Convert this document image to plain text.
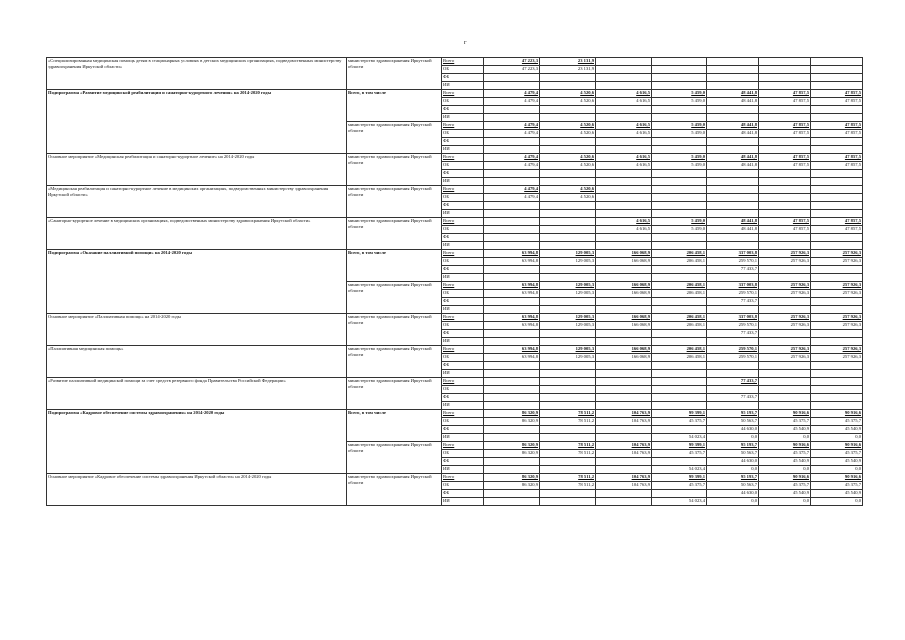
г
«Специализированная медицинская помощь детям в стационарных условиях в детских медицинских организациях, подведомственных министерству здравоохранения Иркутской области»	министерство здравоохранения Иркутской области	Всего	47 223,3	23 131,9					
		ОБ	47 223,3	23 131,9					
		ФБ							
		ИИ							
Подпрограмма «Развитие медицинской реабилитации и санаторно-курортного лечения» на 2014-2020 годы	Всего, в том числе	Всего	4 479,4	4 520,6	4 616,5	5 459,0	48 441,8	47 857,5	47 857,5
		ОБ	4 479,4	4 520,6	4 616,5	5 459,0	48 441,8	47 857,5	47 857,5
		ФБ							
		ИИ							
	министерство здравоохранения Иркутской области	Всего	4 479,4	4 520,6	4 616,5	5 459,0	48 441,8	47 857,5	47 857,5
		ОБ	4 479,4	4 520,6	4 616,5	5 459,0	48 441,8	47 857,5	47 857,5
		ФБ							
		ИИ							
Основное мероприятие «Медицинская реабилитация и санаторно-курортное лечение» на 2014-2020 годы	министерство здравоохранения Иркутской области	Всего	4 479,4	4 520,6	4 616,5	5 459,0	48 441,8	47 857,5	47 857,5
		ОБ	4 479,4	4 520,6	4 616,5	5 459,0	48 441,8	47 857,5	47 857,5
		ФБ							
		ИИ							
«Медицинская реабилитация и санаторно-курортное лечение в медицинских организациях, подведомственных министерству здравоохранения Иркутской области»	министерство здравоохранения Иркутской области	Всего	4 479,4	4 520,6					
		ОБ	4 479,4	4 520,6					
		ФБ							
		ИИ							
«Санаторно-курортное лечение в медицинских организациях, подведомственных министерству здравоохранения Иркутской области»	министерство здравоохранения Иркутской области	Всего			4 616,5	5 459,0	48 441,8	47 857,5	47 857,5
		ОБ			4 616,5	5 459,0	48 441,8	47 857,5	47 857,5
		ФБ							
		ИИ							
Подпрограмма «Оказание паллиативной помощи» на 2014-2020 годы	Всего, в том числе	Всего	63 994,8	129 005,3	166 068,9	206 458,1	337 003,8	257 926,3	257 926,3
		ОБ	63 994,8	129 005,3	166 068,9	206 458,1	259 570,1	257 926,3	257 926,3
		ФБ					77 433,7		
		ИИ							
	министерство здравоохранения Иркутской области	Всего	63 994,8	129 005,3	166 068,9	206 458,1	337 003,8	257 926,3	257 926,3
		ОБ	63 994,8	129 005,3	166 068,9	206 458,1	259 570,1	257 926,3	257 926,3
		ФБ					77 433,7		
		ИИ							
Основное мероприятие «Паллиативная помощь» на 2014-2020 годы	министерство здравоохранения Иркутской области	Всего	63 994,8	129 005,3	166 068,9	206 458,1	337 003,8	257 926,3	257 926,3
		ОБ	63 994,8	129 005,3	166 068,9	206 458,1	259 570,1	257 926,3	257 926,3
		ФБ					77 433,7		
		ИИ							
«Паллиативная медицинская помощь»	министерство здравоохранения Иркутской области	Всего	63 994,8	129 005,3	166 068,9	206 458,1	259 570,1	257 926,3	257 926,3
		ОБ	63 994,8	129 005,3	166 068,9	206 458,1	259 570,1	257 926,3	257 926,3
		ФБ							
		ИИ							
«Развитие паллиативной медицинской помощи за счет средств резервного фонда Правительства Российской Федерации»	министерство здравоохранения Иркутской области	Всего					77 433,7		
		ОБ							
		ФБ					77 433,7		
		ИИ							
Подпрограмма «Кадровое обеспечение системы здравоохранения» на 2014-2020 годы	Всего, в том числе	Всего	86 320,9	78 511,2	104 763,9	99 399,1	95 193,7	90 916,6	90 916,6
		ОБ	86 320,9	78 511,2	104 763,9	45 375,7	50 563,7	45 375,7	45 375,7
		ФБ					44 630,0	45 540,9	45 540,9
		ИИ				54 023,4	0,0	0,0	0,0
	министерство здравоохранения Иркутской области	Всего	86 320,9	78 511,2	104 763,9	99 399,1	95 193,7	90 916,6	90 916,6
		ОБ	86 320,9	78 511,2	104 763,9	45 375,7	50 563,7	45 375,7	45 375,7
		ФБ					44 630,0	45 540,9	45 540,9
		ИИ				54 023,4	0,0	0,0	0,0
Основное мероприятие «Кадровое обеспечение системы здравоохранения Иркутской области» на 2014-2020 годы	министерство здравоохранения Иркутской области	Всего	86 320,9	78 511,2	104 763,9	99 399,1	95 193,7	90 916,6	90 916,6
		ОБ	86 320,9	78 511,2	104 763,9	45 375,7	50 563,7	45 375,7	45 375,7
		ФБ					44 630,0	45 540,9	45 540,9
		ИИ				54 023,4	0,0	0,0	0,0
